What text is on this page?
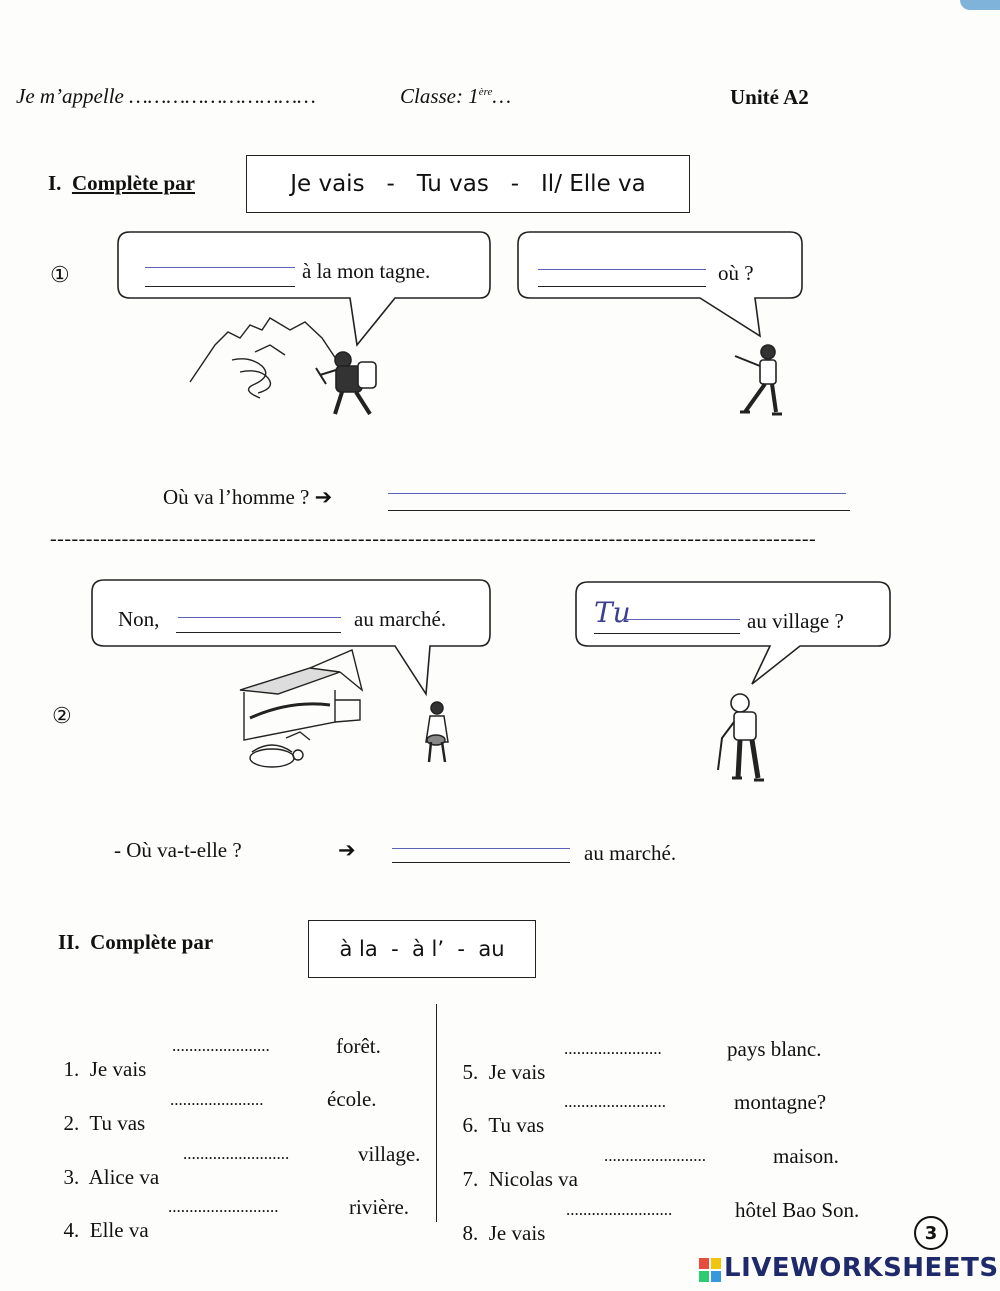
Je m’appelle …………………………	Classe: 1ère…	Unité A2
I. Complète par	Je vais   -   Tu vas   -   Il/ Elle va
①	à la mon tagne.	où ?
Où va l’homme ? ➔
-----------------------------------------------------------------------------------------------------------
②
Non,	au marché.	Tu	au village ?
- Où va-t-elle ?	➔	au marché.
II. Complète par	à la  -  à l’  -  au

1. Je vais

.......................	forêt.

2. Tu vas

......................	école.

3. Alice va

.........................	village.

4. Elle va

..........................	rivière.

5. Je vais

.......................	pays blanc.

6. Tu vas

........................	montagne?

7. Nicolas va

........................	maison.

8. Je vais

.........................	hôtel Bao Son.
3
LIVEWORKSHEETS
